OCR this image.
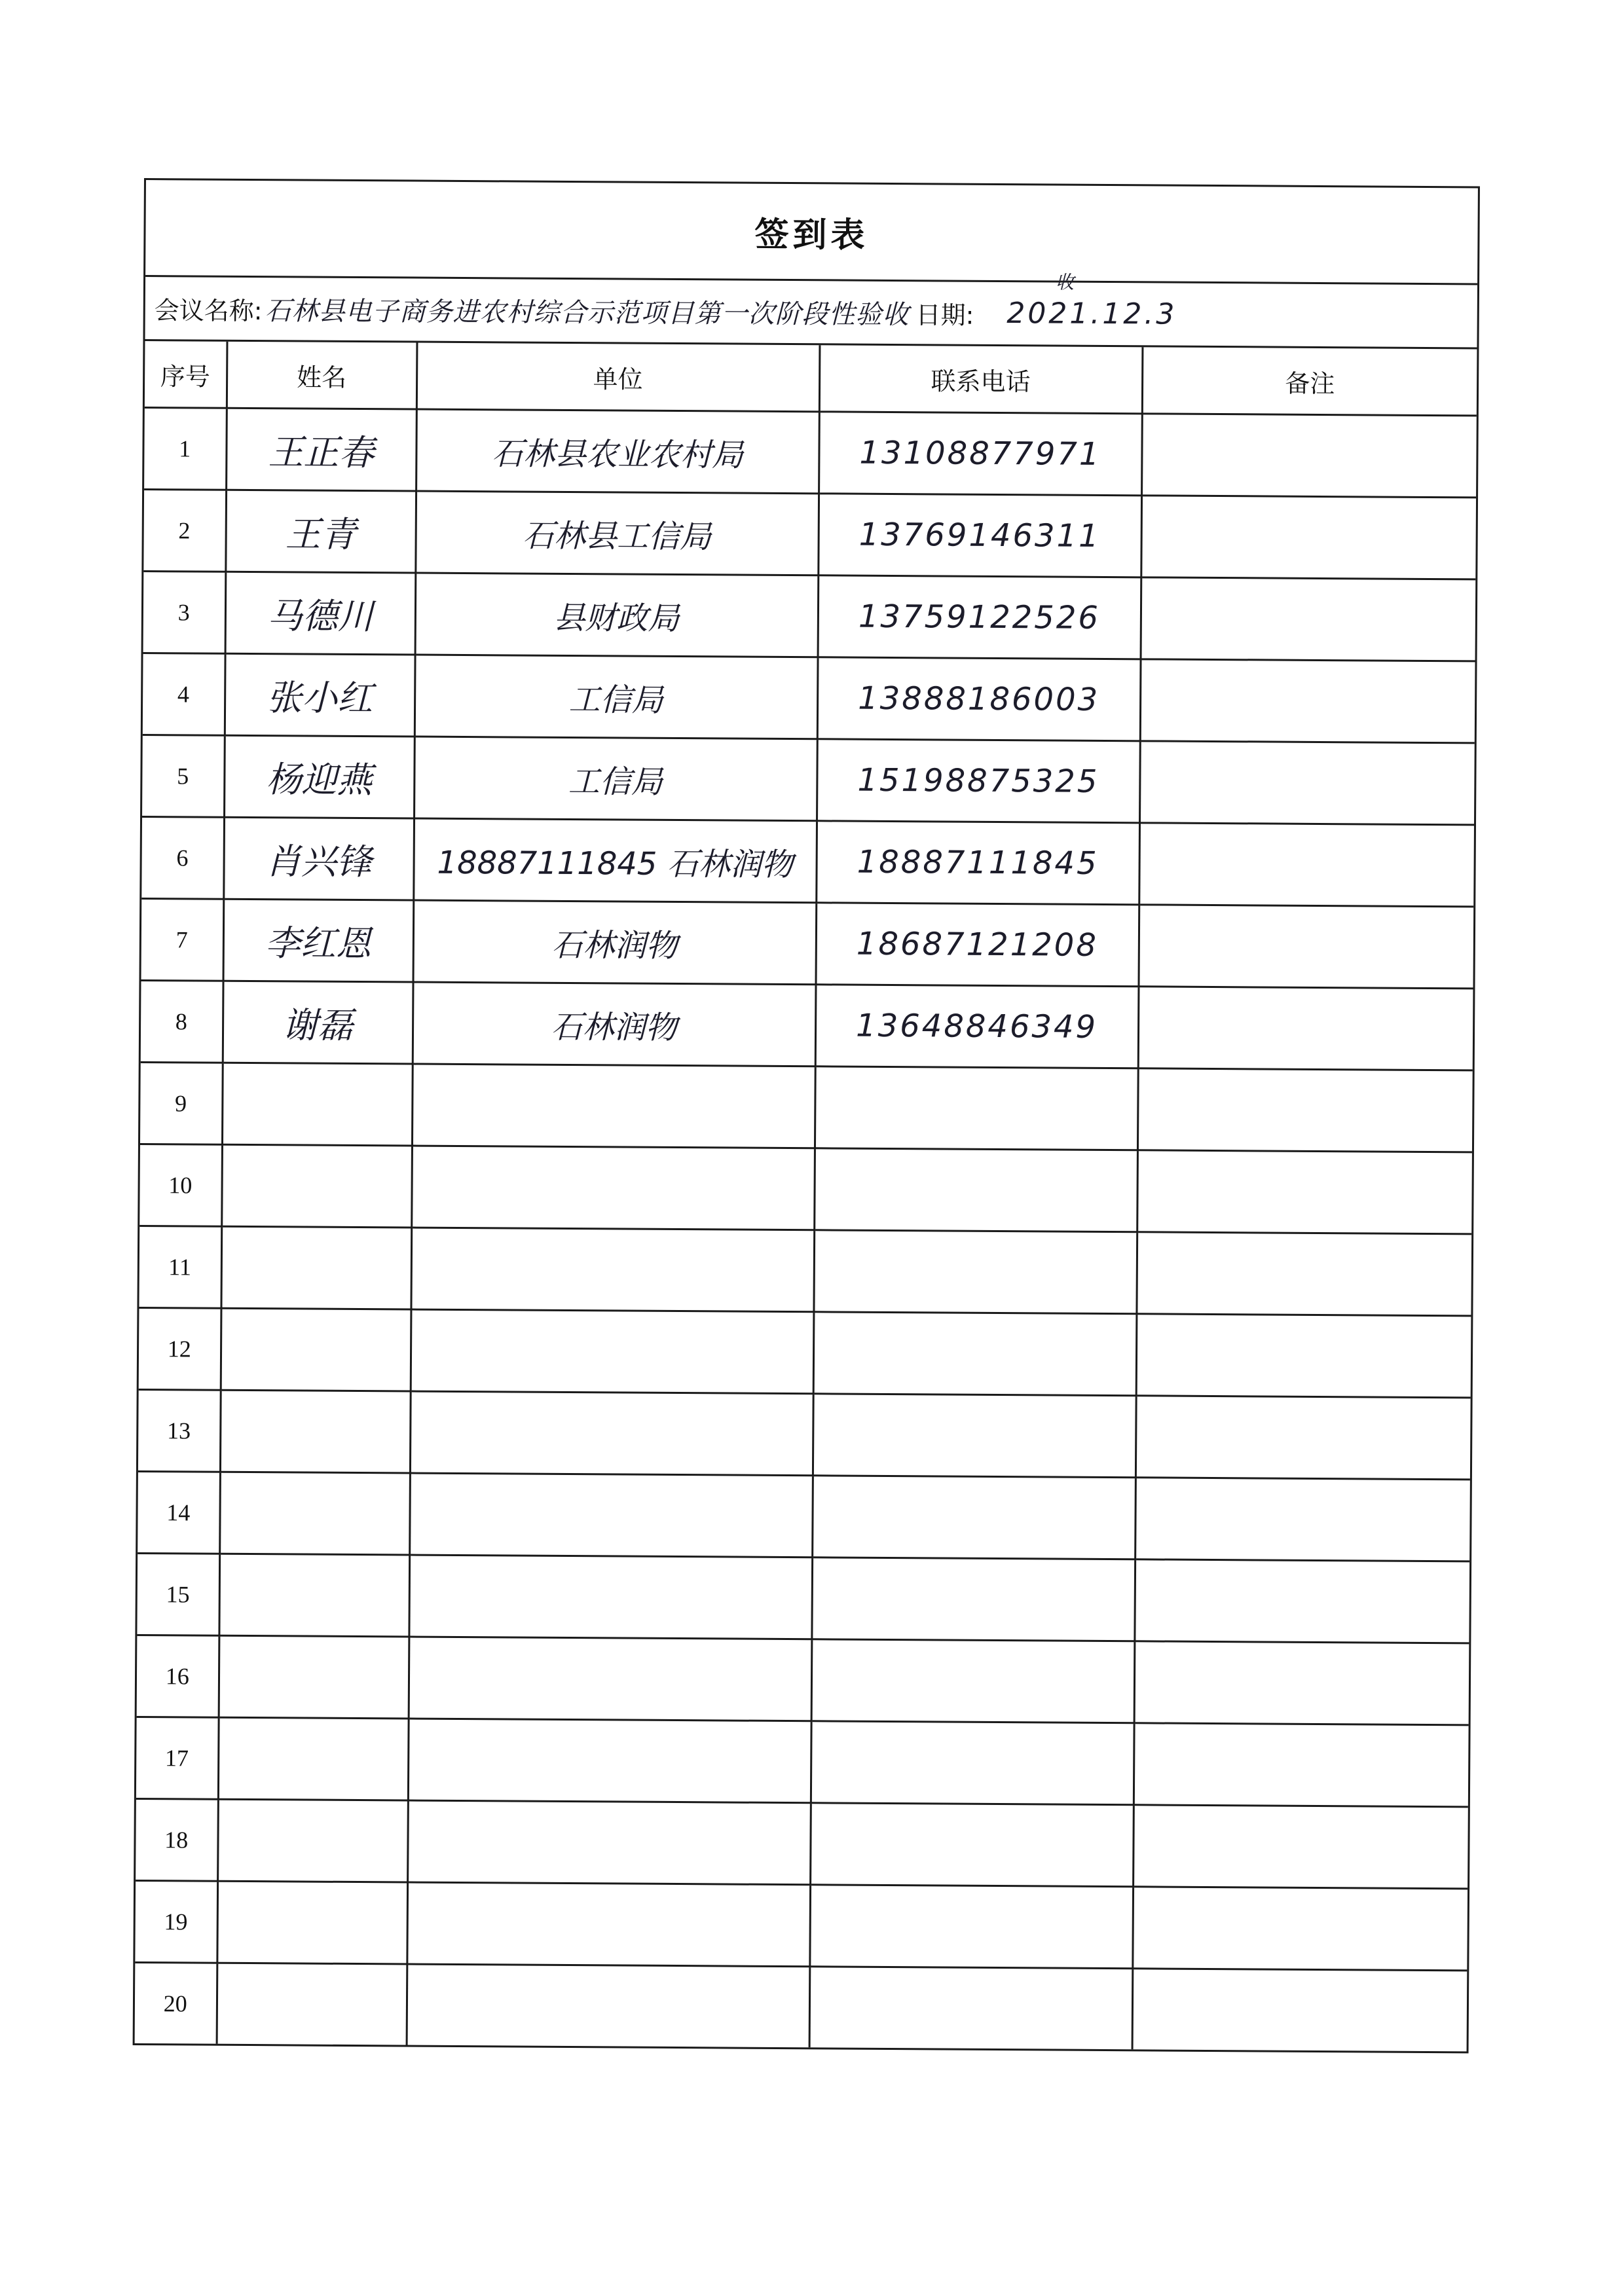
签到表
会议名称: 石林县电子商务进农村综合示范项目第一次阶段性验收 日期: 2021.12.3
收
序号	姓名	单位	联系电话	备注
1	王正春	石林县农业农村局	13108877971	
2	王青	石林县工信局	13769146311	
3	马德川	县财政局	13759122526	
4	张小红	工信局	13888186003	
5	杨迎燕	工信局	15198875325	
6	肖兴锋	18887111845 石林润物	18887111845	
7	李红恩	石林润物	18687121208	
8	谢磊	石林润物	13648846349	
9				
10				
11				
12				
13				
14				
15				
16				
17				
18				
19				
20				
